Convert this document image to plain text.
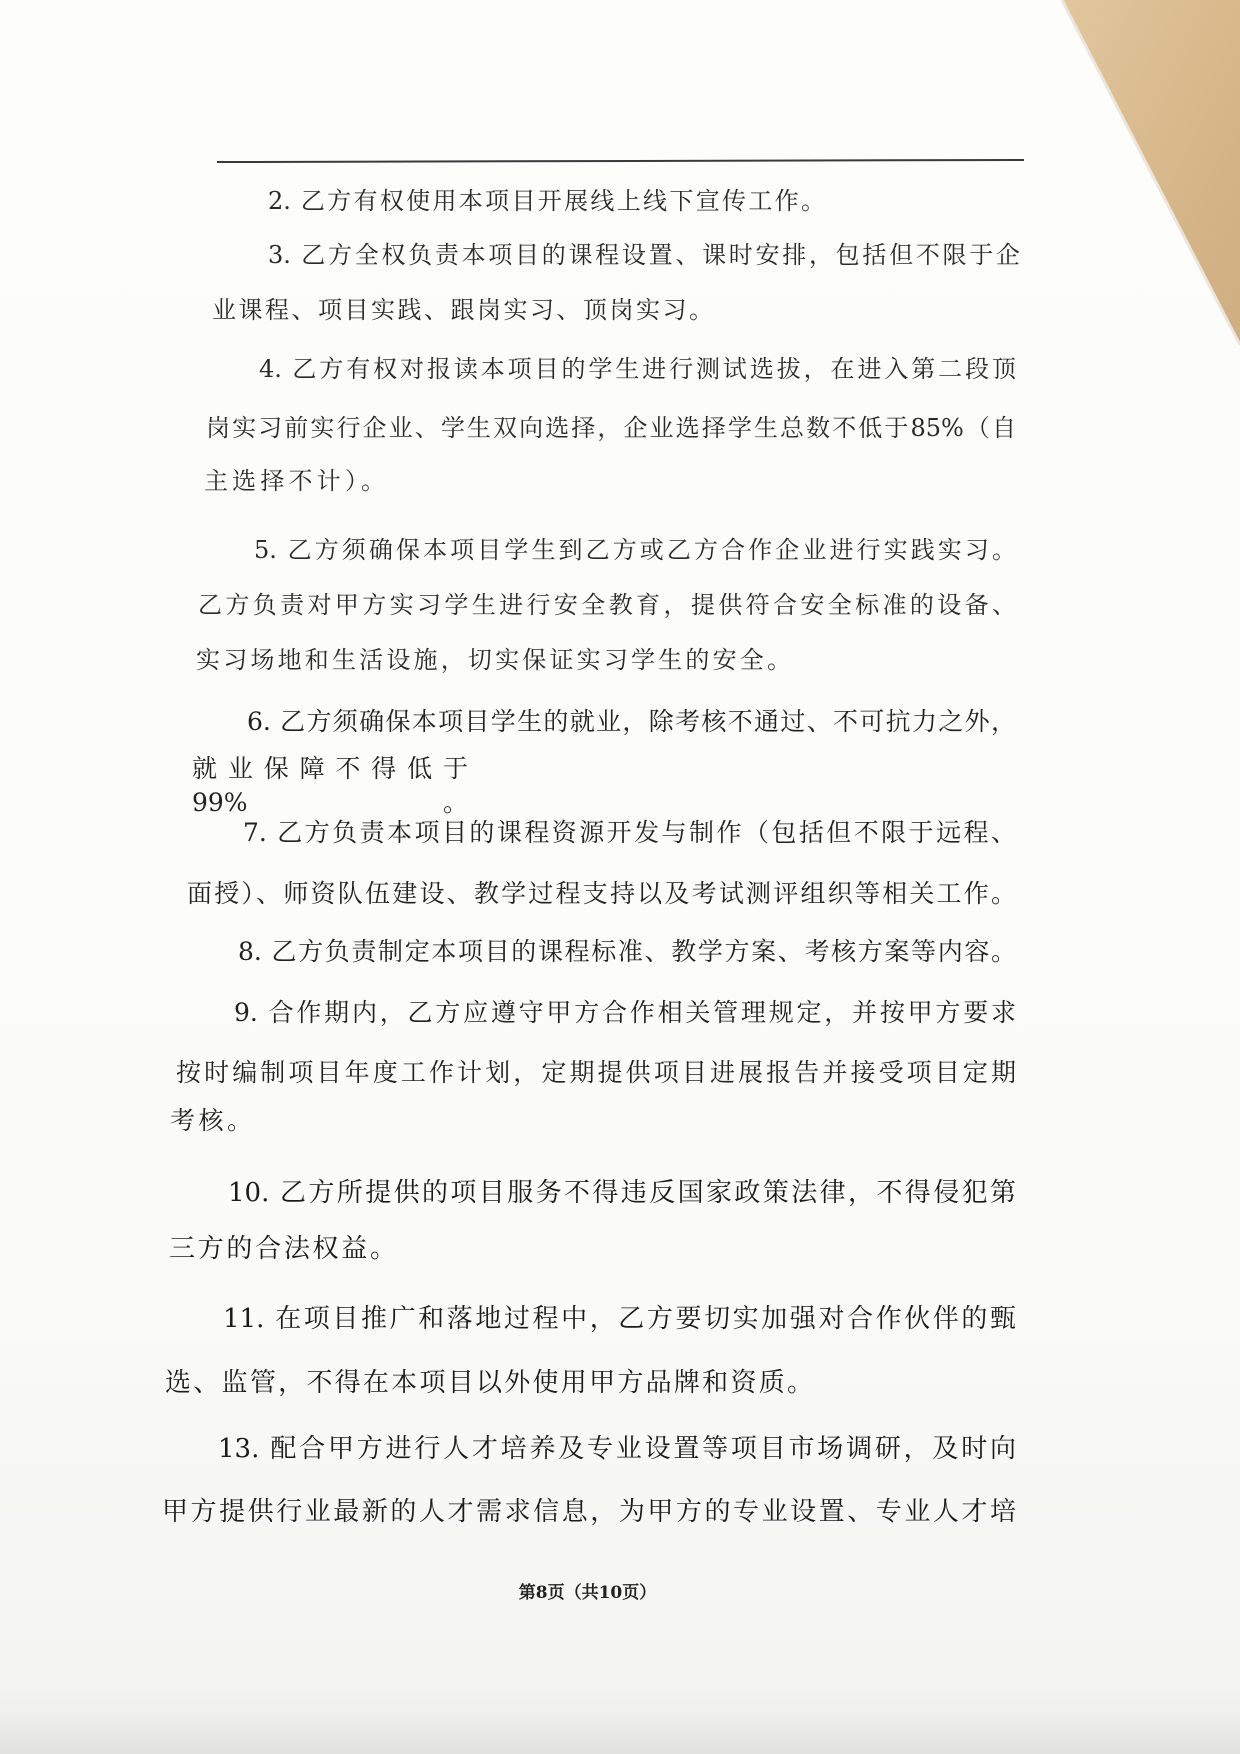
2. 乙方有权使用本项目开展线上线下宣传工作。
3. 乙方全权负责本项目的课程设置、课时安排，包括但不限于企
业课程、项目实践、跟岗实习、顶岗实习。
4. 乙方有权对报读本项目的学生进行测试选拔，在进入第二段顶
岗实习前实行企业、学生双向选择，企业选择学生总数不低于85%（自
主选择不计）。
5. 乙方须确保本项目学生到乙方或乙方合作企业进行实践实习。
乙方负责对甲方实习学生进行安全教育，提供符合安全标准的设备、
实习场地和生活设施，切实保证实习学生的安全。
6. 乙方须确保本项目学生的就业，除考核不通过、不可抗力之外，
就业保障不得低于99%。
7. 乙方负责本项目的课程资源开发与制作（包括但不限于远程、
面授）、师资队伍建设、教学过程支持以及考试测评组织等相关工作。
8. 乙方负责制定本项目的课程标准、教学方案、考核方案等内容。
9. 合作期内，乙方应遵守甲方合作相关管理规定，并按甲方要求
按时编制项目年度工作计划，定期提供项目进展报告并接受项目定期
考核。
10. 乙方所提供的项目服务不得违反国家政策法律，不得侵犯第
三方的合法权益。
11. 在项目推广和落地过程中，乙方要切实加强对合作伙伴的甄
选、监管，不得在本项目以外使用甲方品牌和资质。
13. 配合甲方进行人才培养及专业设置等项目市场调研，及时向
甲方提供行业最新的人才需求信息，为甲方的专业设置、专业人才培
第8页（共10页）
